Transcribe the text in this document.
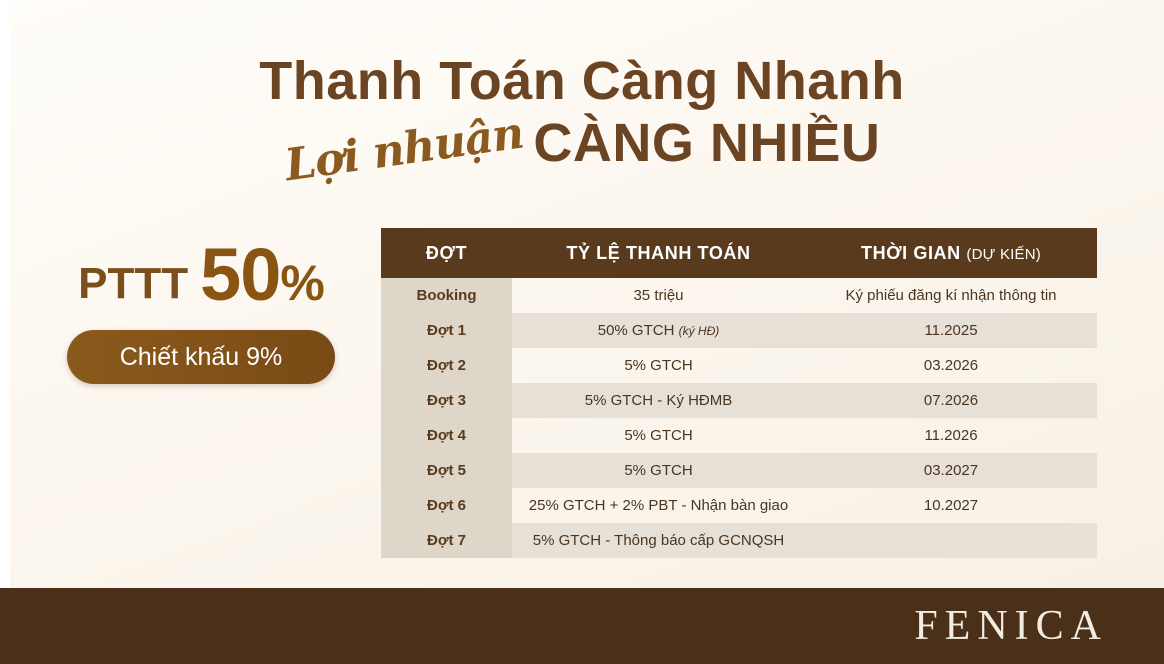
Thanh Toán Càng Nhanh
Lợi nhuận CÀNG NHIỀU
PTTT 50%
Chiết khấu 9%
ĐỢT	TỶ LỆ THANH TOÁN	THỜI GIAN (DỰ KIẾN)
Booking	35 triệu	Ký phiếu đăng kí nhận thông tin
Đợt 1	50% GTCH (ký HĐ)	11.2025
Đợt 2	5% GTCH	03.2026
Đợt 3	5% GTCH - Ký HĐMB	07.2026
Đợt 4	5% GTCH	11.2026
Đợt 5	5% GTCH	03.2027
Đợt 6	25% GTCH + 2% PBT - Nhận bàn giao	10.2027
Đợt 7	5% GTCH - Thông báo cấp GCNQSH	
FENICA
